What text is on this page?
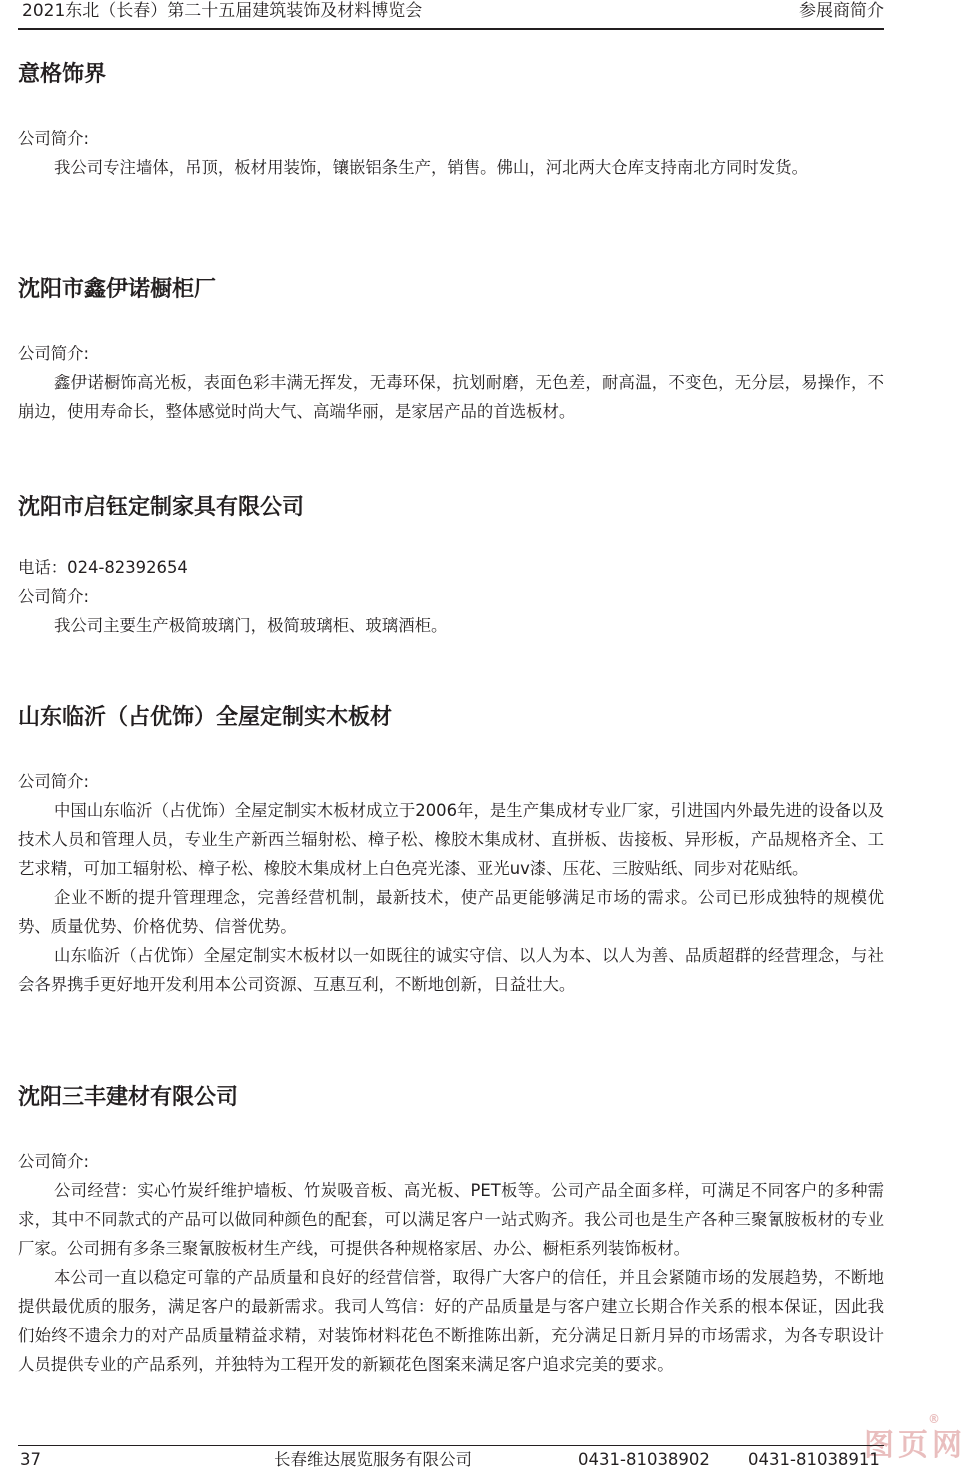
2021东北（长春）第二十五届建筑装饰及材料博览会	参展商简介
意格饰界
公司简介:
我公司专注墙体，吊顶，板材用装饰，镶嵌铝条生产，销售。佛山，河北两大仓库支持南北方同时发货。
沈阳市鑫伊诺橱柜厂
公司简介:
鑫伊诺橱饰高光板，表面色彩丰满无挥发，无毒环保，抗划耐磨，无色差，耐高温，不变色，无分层，易操作，不崩边，使用寿命长，整体感觉时尚大气、高端华丽，是家居产品的首选板材。
沈阳市启钰定制家具有限公司
电话：024-82392654
公司简介:
我公司主要生产极简玻璃门，极简玻璃柜、玻璃酒柜。
山东临沂（占优饰）全屋定制实木板材
公司简介:
中国山东临沂（占优饰）全屋定制实木板材成立于2006年，是生产集成材专业厂家，引进国内外最先进的设备以及技术人员和管理人员，专业生产新西兰辐射松、樟子松、橡胶木集成材、直拼板、齿接板、异形板，产品规格齐全、工艺求精，可加工辐射松、樟子松、橡胶木集成材上白色亮光漆、亚光uv漆、压花、三胺贴纸、同步对花贴纸。
企业不断的提升管理理念，完善经营机制，最新技术，使产品更能够满足市场的需求。公司已形成独特的规模优势、质量优势、价格优势、信誉优势。
山东临沂（占优饰）全屋定制实木板材以一如既往的诚实守信、以人为本、以人为善、品质超群的经营理念，与社会各界携手更好地开发利用本公司资源、互惠互利，不断地创新，日益壮大。
沈阳三丰建材有限公司
公司简介:
公司经营：实心竹炭纤维护墙板、竹炭吸音板、高光板、PET板等。公司产品全面多样，可满足不同客户的多种需求，其中不同款式的产品可以做同种颜色的配套，可以满足客户一站式购齐。我公司也是生产各种三聚氰胺板材的专业厂家。公司拥有多条三聚氰胺板材生产线，可提供各种规格家居、办公、橱柜系列装饰板材。
本公司一直以稳定可靠的产品质量和良好的经营信誉，取得广大客户的信任，并且会紧随市场的发展趋势，不断地提供最优质的服务，满足客户的最新需求。我司人笃信：好的产品质量是与客户建立长期合作关系的根本保证，因此我们始终不遗余力的对产品质量精益求精，对装饰材料花色不断推陈出新，充分满足日新月异的市场需求，为各专职设计人员提供专业的产品系列，并独特为工程开发的新颖花色图案来满足客户追求完美的要求。
图页网
®
37	长春维达展览服务有限公司	0431-81038902 0431-81038911
